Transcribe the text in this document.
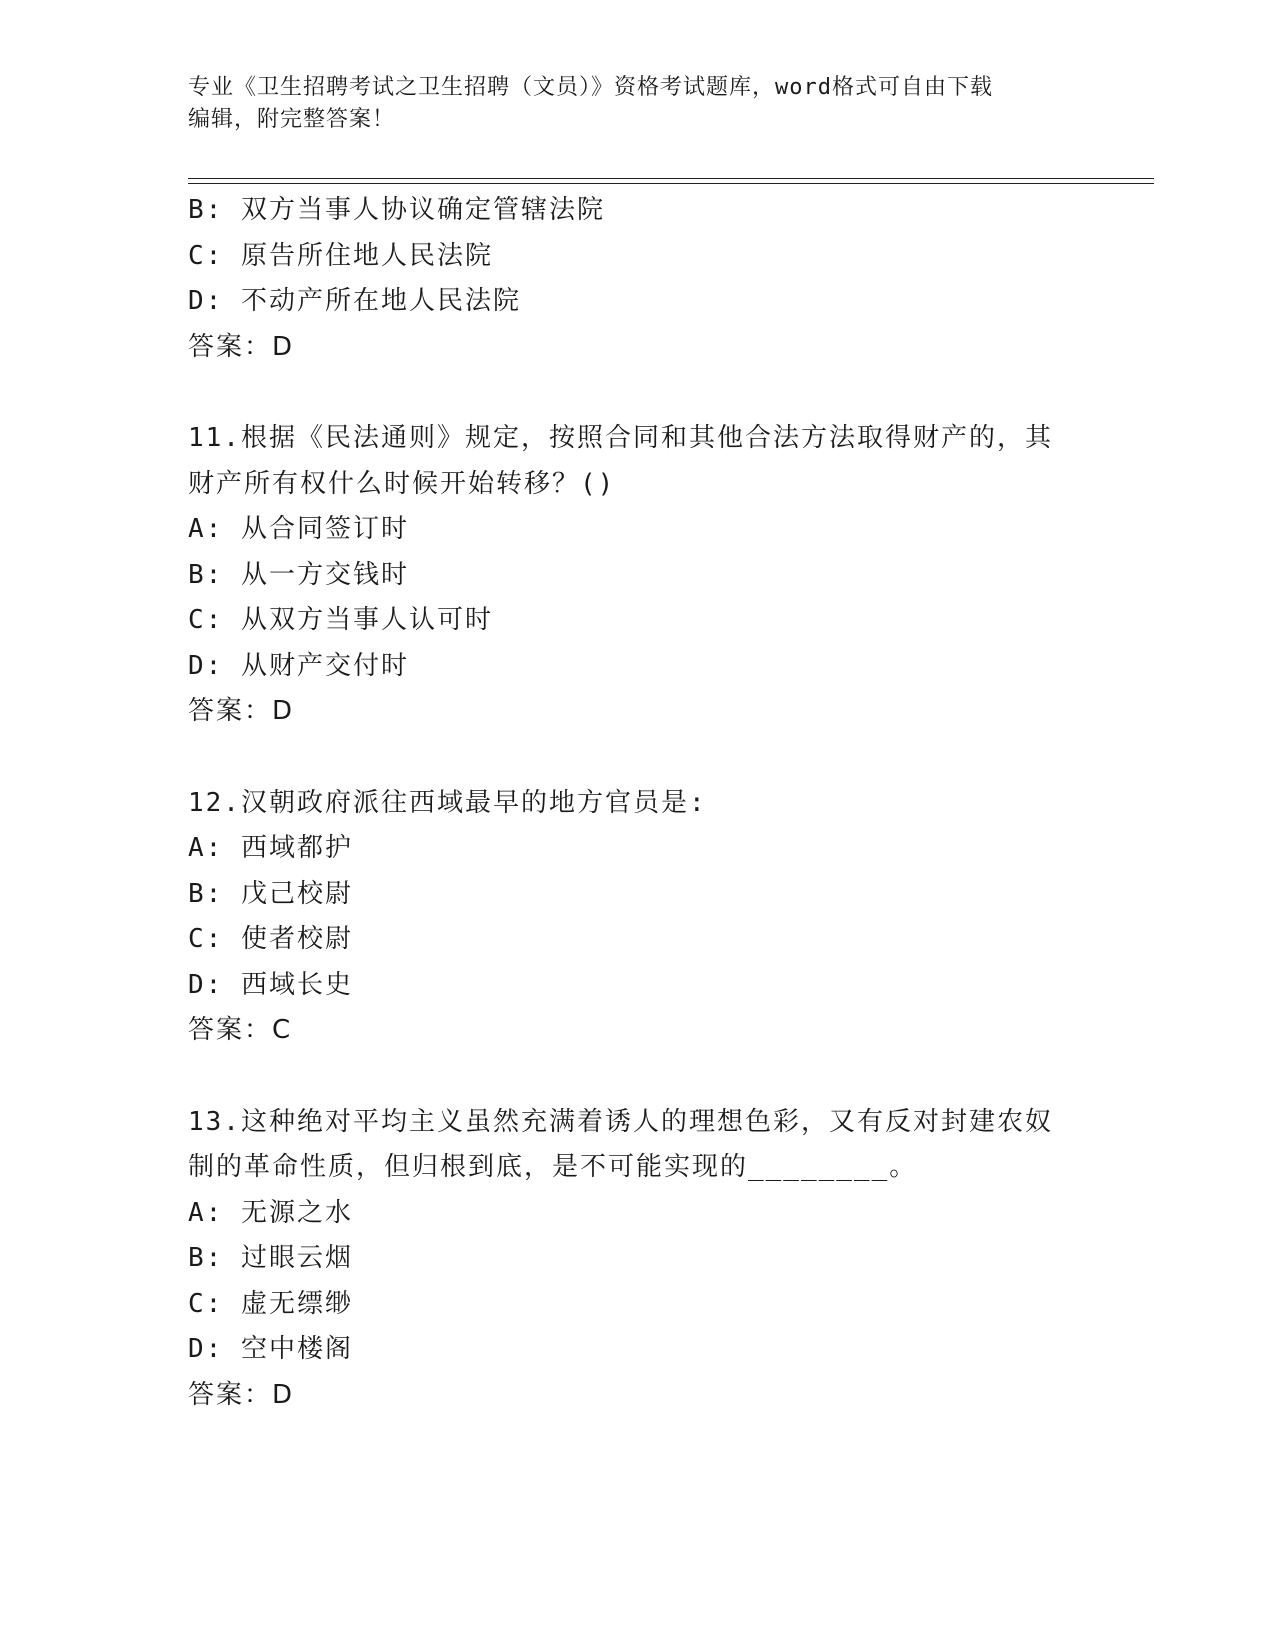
专业《卫生招聘考试之卫生招聘（文员）》资格考试题库，word格式可自由下载
编辑，附完整答案！
B: 双方当事人协议确定管辖法院
C: 原告所住地人民法院
D: 不动产所在地人民法院
答案：D
11.根据《民法通则》规定，按照合同和其他合法方法取得财产的，其
财产所有权什么时候开始转移？()
A: 从合同签订时
B: 从一方交钱时
C: 从双方当事人认可时
D: 从财产交付时
答案：D
12.汉朝政府派往西域最早的地方官员是:
A: 西域都护
B: 戊己校尉
C: 使者校尉
D: 西域长史
答案：C
13.这种绝对平均主义虽然充满着诱人的理想色彩，又有反对封建农奴
制的革命性质，但归根到底，是不可能实现的________。
A: 无源之水
B: 过眼云烟
C: 虚无缥缈
D: 空中楼阁
答案：D
